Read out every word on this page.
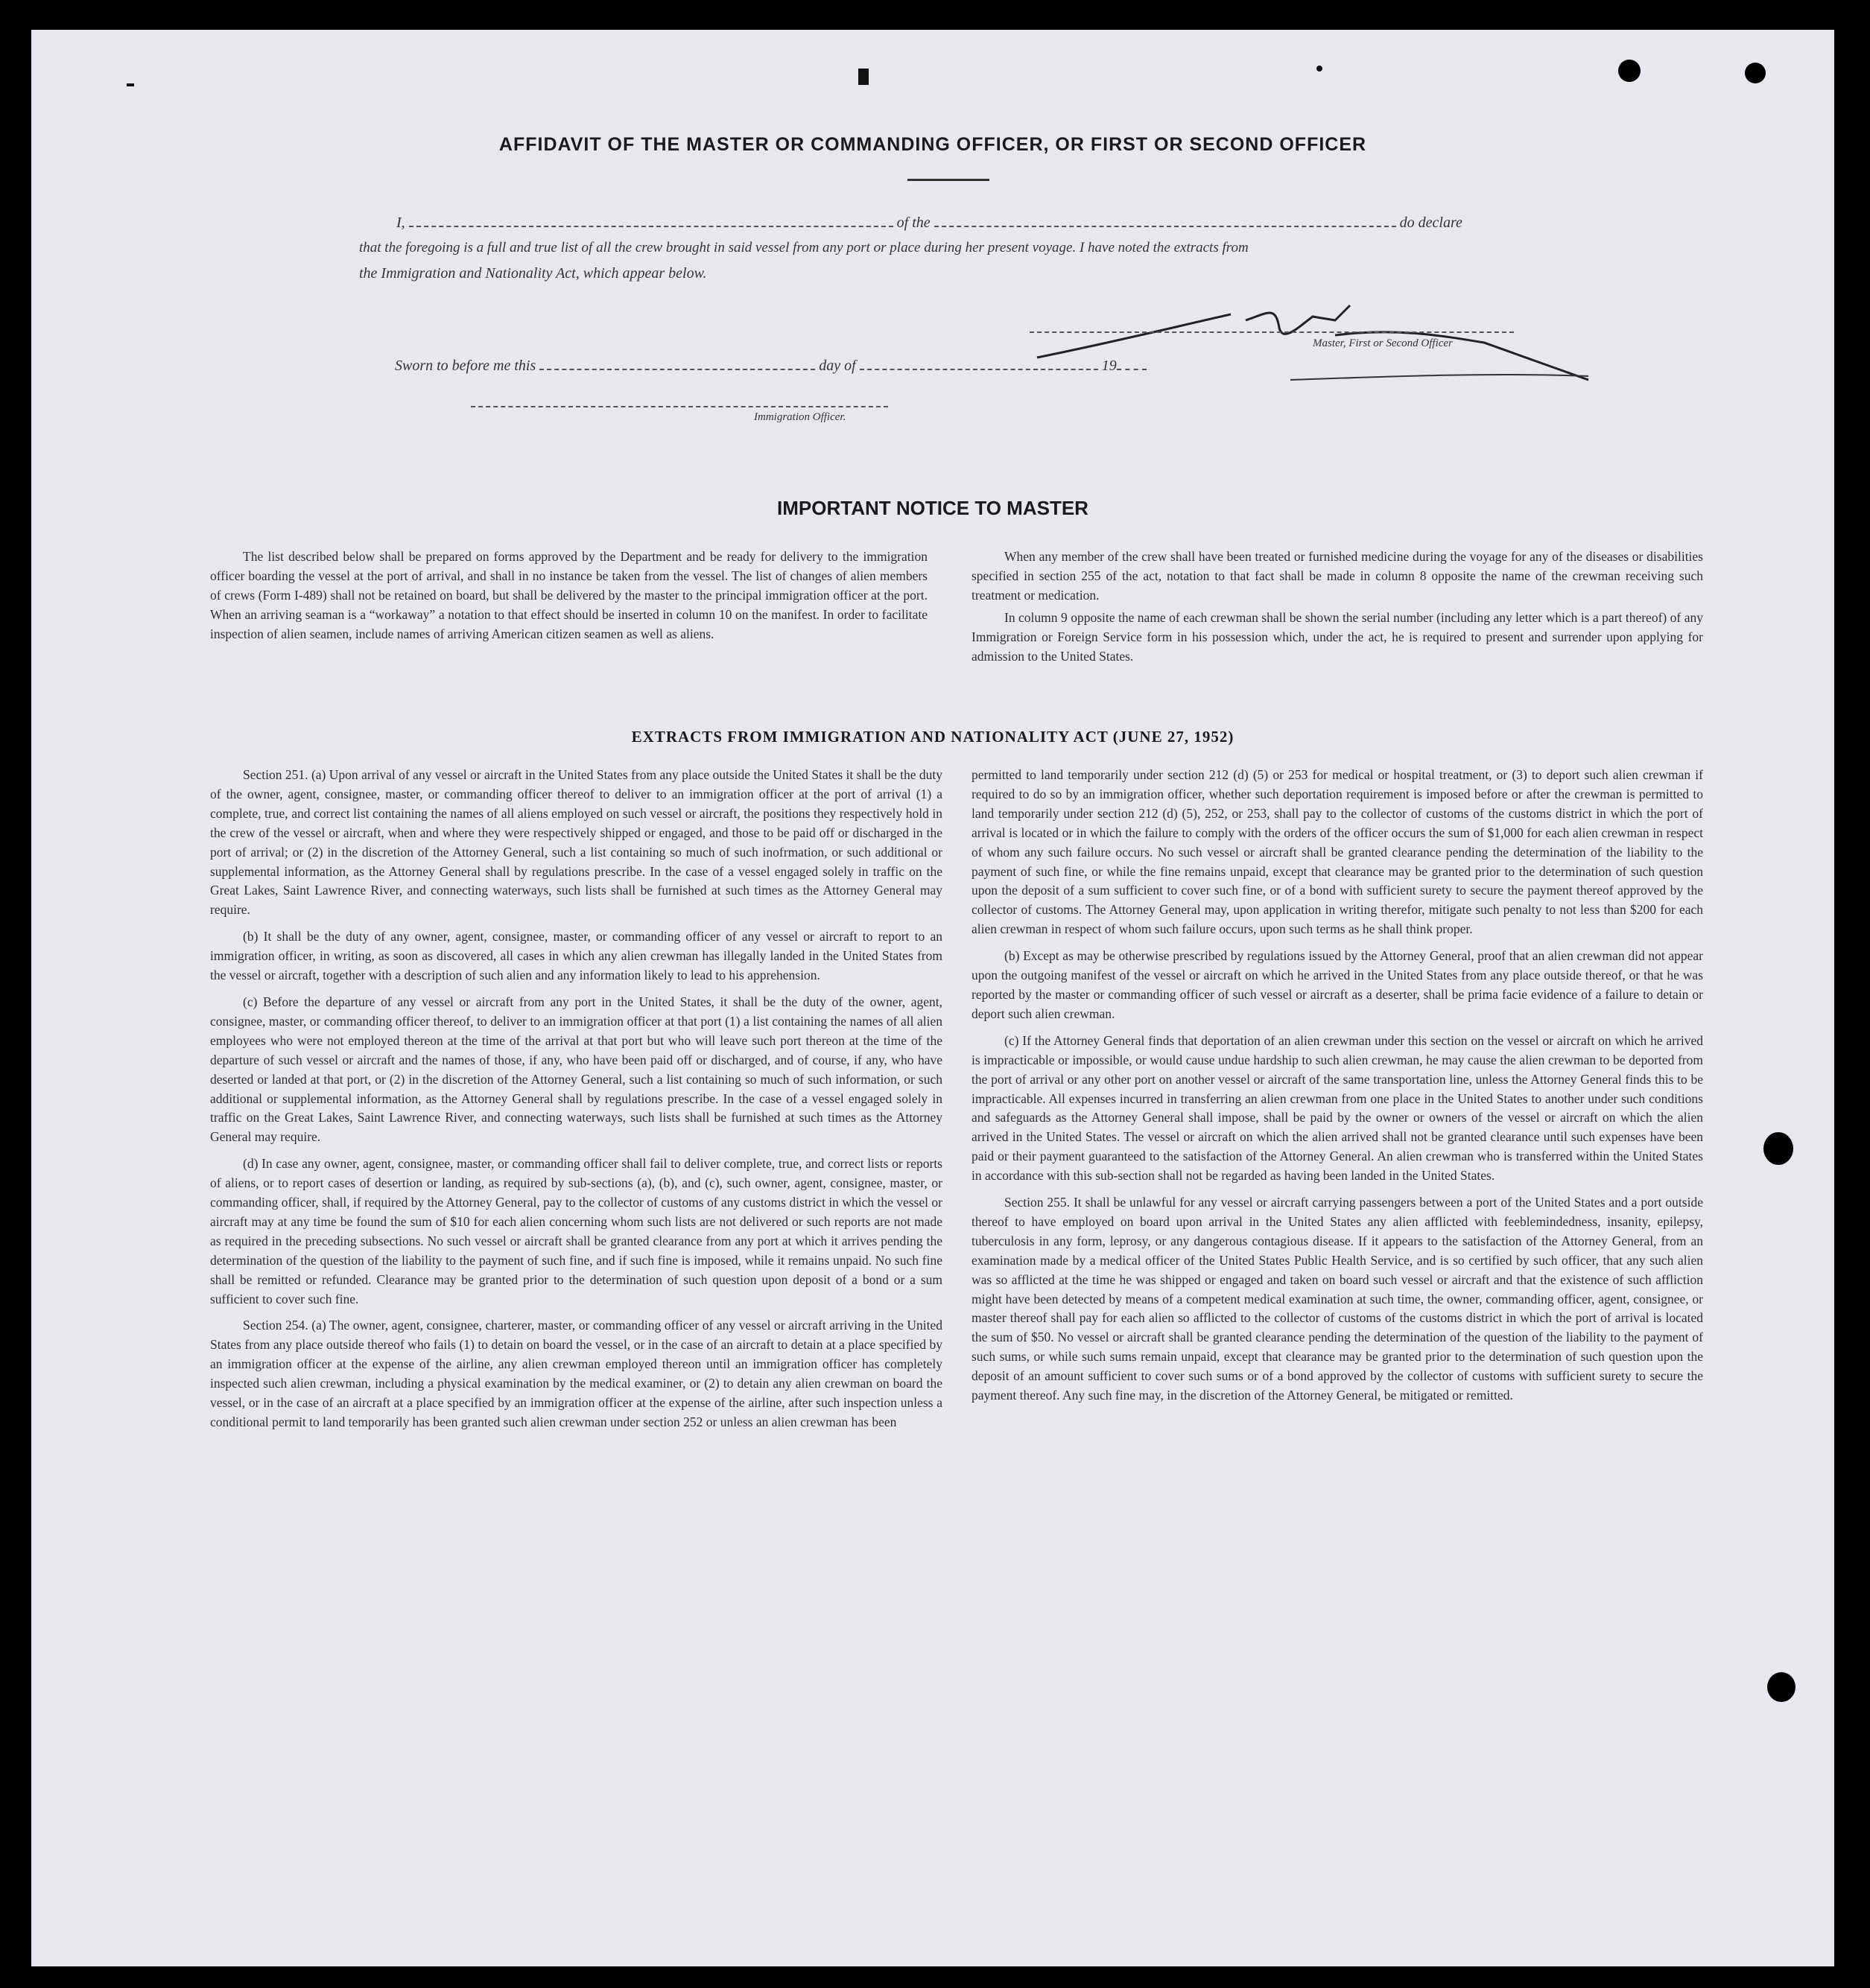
AFFIDAVIT OF THE MASTER OR COMMANDING OFFICER, OR FIRST OR SECOND OFFICER
I,	of the	do declare
that the foregoing is a full and true list of all the crew brought in said vessel from any port or place during her present voyage. I have noted the extracts from
the Immigration and Nationality Act, which appear below.
Master, First or Second Officer
Sworn to before me this	day of	19
Immigration Officer.
IMPORTANT NOTICE TO MASTER

The list described below shall be prepared on forms approved by the Department and be ready for delivery to the immigration officer boarding the vessel at the port of arrival, and shall in no instance be taken from the vessel. The list of changes of alien members of crews (Form I-489) shall not be retained on board, but shall be delivered by the master to the principal immigration officer at the port. When an arriving seaman is a “workaway” a notation to that effect should be inserted in column 10 on the manifest. In order to facilitate inspection of alien seamen, include names of arriving American citizen seamen as well as aliens.

When any member of the crew shall have been treated or furnished medicine during the voyage for any of the diseases or disabilities specified in section 255 of the act, notation to that fact shall be made in column 8 opposite the name of the crewman receiving such treatment or medication.

In column 9 opposite the name of each crewman shall be shown the serial number (including any letter which is a part thereof) of any Immigration or Foreign Service form in his possession which, under the act, he is required to present and surrender upon applying for admission to the United States.

EXTRACTS FROM IMMIGRATION AND NATIONALITY ACT (JUNE 27, 1952)

Section 251. (a) Upon arrival of any vessel or aircraft in the United States from any place outside the United States it shall be the duty of the owner, agent, consignee, master, or commanding officer thereof to deliver to an immigration officer at the port of arrival (1) a complete, true, and correct list containing the names of all aliens employed on such vessel or aircraft, the positions they respectively hold in the crew of the vessel or aircraft, when and where they were respectively shipped or engaged, and those to be paid off or discharged in the port of arrival; or (2) in the discretion of the Attorney General, such a list containing so much of such inofrmation, or such additional or supplemental information, as the Attorney General shall by regulations prescribe. In the case of a vessel engaged solely in traffic on the Great Lakes, Saint Lawrence River, and connecting waterways, such lists shall be furnished at such times as the Attorney General may require.

(b) It shall be the duty of any owner, agent, consignee, master, or commanding officer of any vessel or aircraft to report to an immigration officer, in writing, as soon as discovered, all cases in which any alien crewman has illegally landed in the United States from the vessel or aircraft, together with a description of such alien and any information likely to lead to his apprehension.

(c) Before the departure of any vessel or aircraft from any port in the United States, it shall be the duty of the owner, agent, consignee, master, or commanding officer thereof, to deliver to an immigration officer at that port (1) a list containing the names of all alien employees who were not employed thereon at the time of the arrival at that port but who will leave such port thereon at the time of the departure of such vessel or aircraft and the names of those, if any, who have been paid off or discharged, and of course, if any, who have deserted or landed at that port, or (2) in the discretion of the Attorney General, such a list containing so much of such information, or such additional or supplemental information, as the Attorney General shall by regulations prescribe. In the case of a vessel engaged solely in traffic on the Great Lakes, Saint Lawrence River, and connecting waterways, such lists shall be furnished at such times as the Attorney General may require.

(d) In case any owner, agent, consignee, master, or commanding officer shall fail to deliver complete, true, and correct lists or reports of aliens, or to report cases of desertion or landing, as required by sub-sections (a), (b), and (c), such owner, agent, consignee, master, or commanding officer, shall, if required by the Attorney General, pay to the collector of customs of any customs district in which the vessel or aircraft may at any time be found the sum of $10 for each alien concerning whom such lists are not delivered or such reports are not made as required in the preceding subsections. No such vessel or aircraft shall be granted clearance from any port at which it arrives pending the determination of the question of the liability to the payment of such fine, and if such fine is imposed, while it remains unpaid. No such fine shall be remitted or refunded. Clearance may be granted prior to the determination of such question upon deposit of a bond or a sum sufficient to cover such fine.

Section 254. (a) The owner, agent, consignee, charterer, master, or commanding officer of any vessel or aircraft arriving in the United States from any place outside thereof who fails (1) to detain on board the vessel, or in the case of an aircraft to detain at a place specified by an immigration officer at the expense of the airline, any alien crewman employed thereon until an immigration officer has completely inspected such alien crewman, including a physical examination by the medical examiner, or (2) to detain any alien crewman on board the vessel, or in the case of an aircraft at a place specified by an immigration officer at the expense of the airline, after such inspection unless a conditional permit to land temporarily has been granted such alien crewman under section 252 or unless an alien crewman has been

permitted to land temporarily under section 212 (d) (5) or 253 for medical or hospital treatment, or (3) to deport such alien crewman if required to do so by an immigration officer, whether such deportation requirement is imposed before or after the crewman is permitted to land temporarily under section 212 (d) (5), 252, or 253, shall pay to the collector of customs of the customs district in which the port of arrival is located or in which the failure to comply with the orders of the officer occurs the sum of $1,000 for each alien crewman in respect of whom any such failure occurs. No such vessel or aircraft shall be granted clearance pending the determination of the liability to the payment of such fine, or while the fine remains unpaid, except that clearance may be granted prior to the determination of such question upon the deposit of a sum sufficient to cover such fine, or of a bond with sufficient surety to secure the payment thereof approved by the collector of customs. The Attorney General may, upon application in writing therefor, mitigate such penalty to not less than $200 for each alien crewman in respect of whom such failure occurs, upon such terms as he shall think proper.

(b) Except as may be otherwise prescribed by regulations issued by the Attorney General, proof that an alien crewman did not appear upon the outgoing manifest of the vessel or aircraft on which he arrived in the United States from any place outside thereof, or that he was reported by the master or commanding officer of such vessel or aircraft as a deserter, shall be prima facie evidence of a failure to detain or deport such alien crewman.

(c) If the Attorney General finds that deportation of an alien crewman under this section on the vessel or aircraft on which he arrived is impracticable or impossible, or would cause undue hardship to such alien crewman, he may cause the alien crewman to be deported from the port of arrival or any other port on another vessel or aircraft of the same transportation line, unless the Attorney General finds this to be impracticable. All expenses incurred in transferring an alien crewman from one place in the United States to another under such conditions and safeguards as the Attorney General shall impose, shall be paid by the owner or owners of the vessel or aircraft on which the alien arrived in the United States. The vessel or aircraft on which the alien arrived shall not be granted clearance until such expenses have been paid or their payment guaranteed to the satisfaction of the Attorney General. An alien crewman who is transferred within the United States in accordance with this sub-section shall not be regarded as having been landed in the United States.

Section 255. It shall be unlawful for any vessel or aircraft carrying passengers between a port of the United States and a port outside thereof to have employed on board upon arrival in the United States any alien afflicted with feeblemindedness, insanity, epilepsy, tuberculosis in any form, leprosy, or any dangerous contagious disease. If it appears to the satisfaction of the Attorney General, from an examination made by a medical officer of the United States Public Health Service, and is so certified by such officer, that any such alien was so afflicted at the time he was shipped or engaged and taken on board such vessel or aircraft and that the existence of such affliction might have been detected by means of a competent medical examination at such time, the owner, commanding officer, agent, consignee, or master thereof shall pay for each alien so afflicted to the collector of customs of the customs district in which the port of arrival is located the sum of $50. No vessel or aircraft shall be granted clearance pending the determination of the question of the liability to the payment of such sums, or while such sums remain unpaid, except that clearance may be granted prior to the determination of such question upon the deposit of an amount sufficient to cover such sums or of a bond approved by the collector of customs with sufficient surety to secure the payment thereof. Any such fine may, in the discretion of the Attorney General, be mitigated or remitted.
